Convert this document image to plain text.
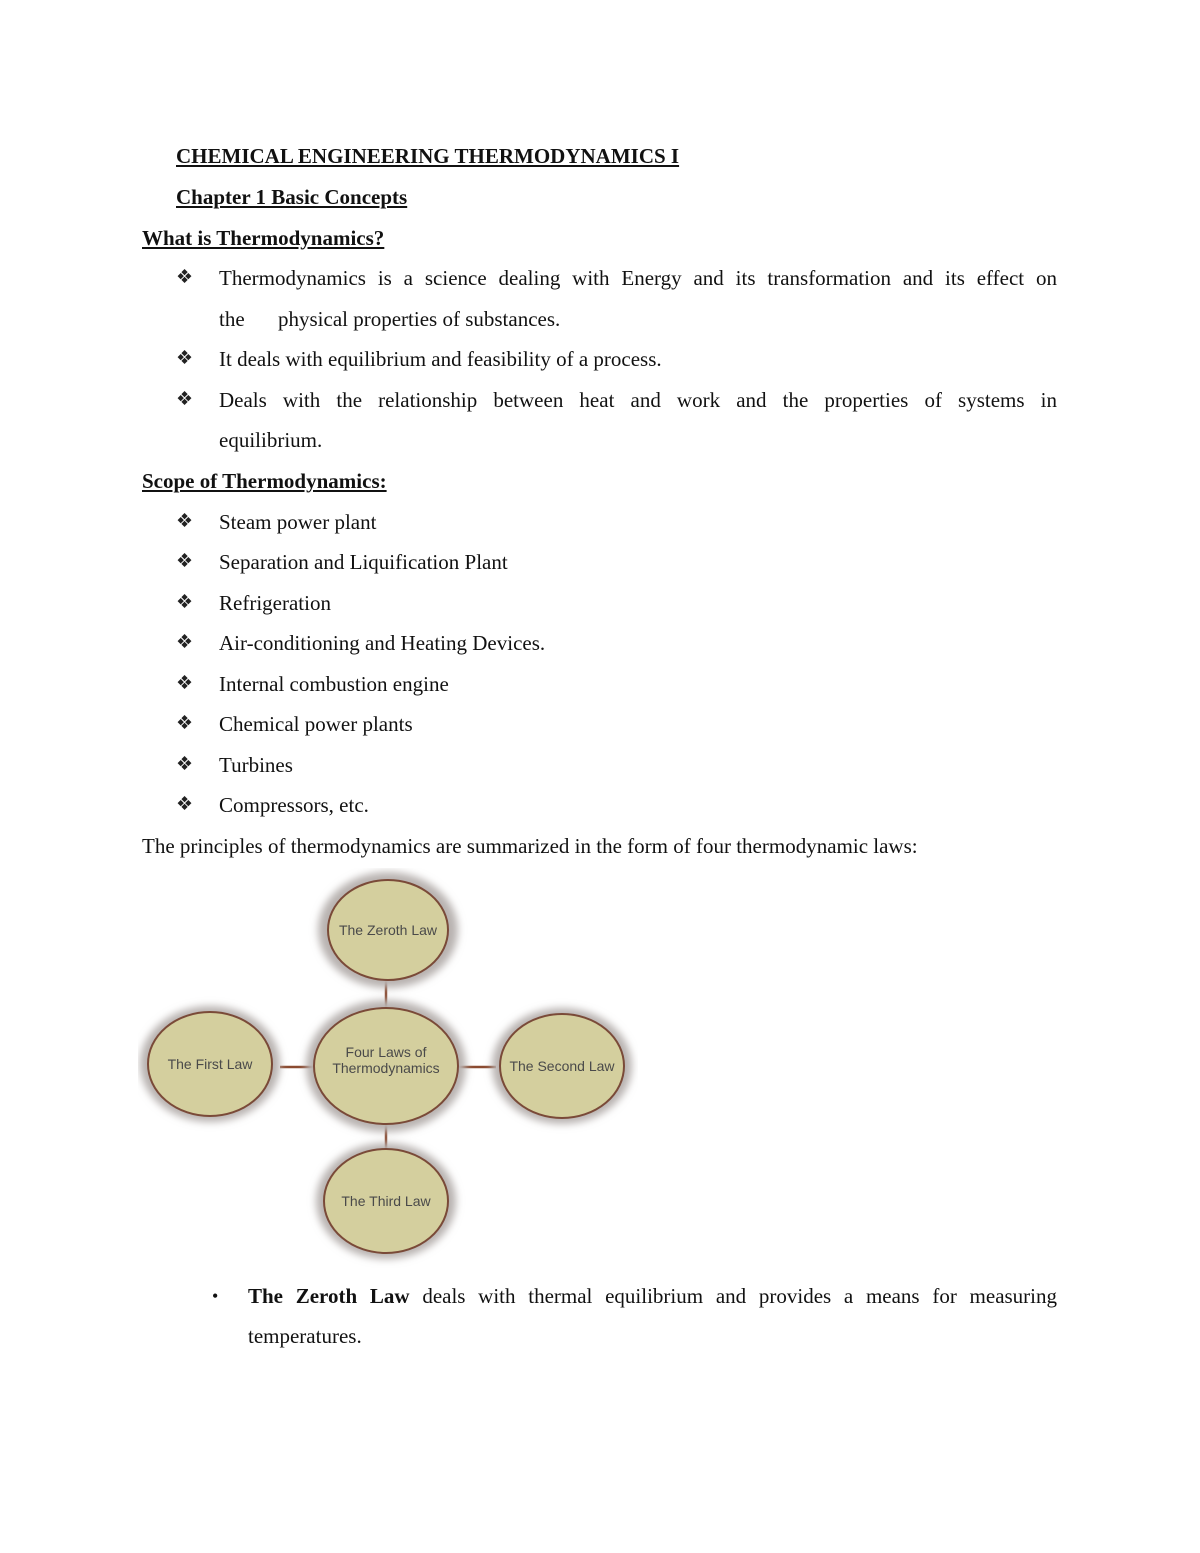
CHEMICAL ENGINEERING THERMODYNAMICS I
Chapter 1 Basic Concepts
What is Thermodynamics?
❖ Thermodynamics is a science dealing with Energy and its transformation and its effect on
the physical properties of substances.
❖ It deals with equilibrium and feasibility of a process.
❖ Deals with the relationship between heat and work and the properties of systems in
equilibrium.
Scope of Thermodynamics:
❖ Steam power plant
❖ Separation and Liquification Plant
❖ Refrigeration
❖ Air-conditioning and Heating Devices.
❖ Internal combustion engine
❖ Chemical power plants
❖ Turbines
❖ Compressors, etc.
The principles of thermodynamics are summarized in the form of four thermodynamic laws:
The Zeroth Law
The First Law
Four Laws of
Thermodynamics	The Second Law
The Third Law
• The Zeroth Law deals with thermal equilibrium and provides a means for measuring
temperatures.
